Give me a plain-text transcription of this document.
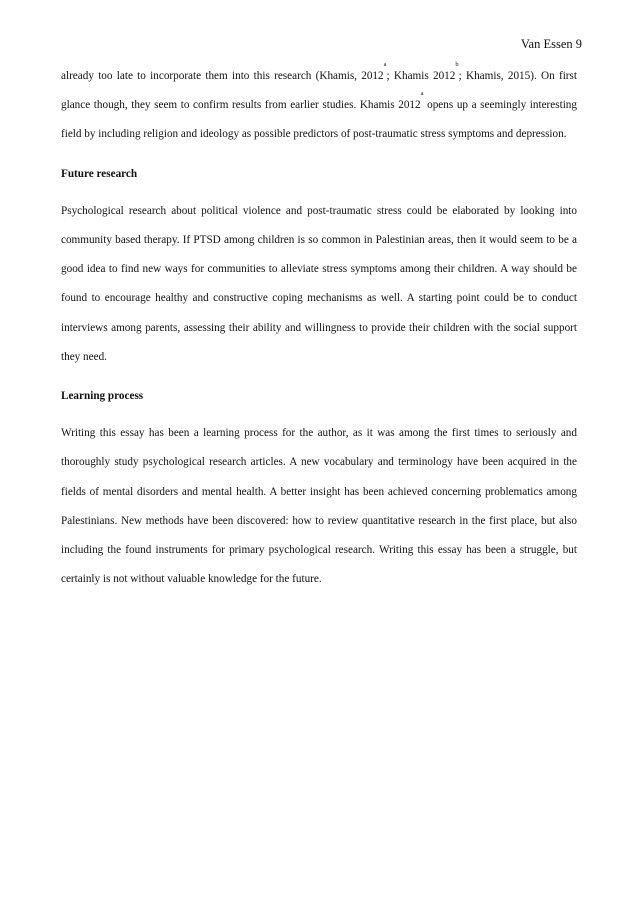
Van Essen 9

already too late to incorporate them into this research (Khamis, 2012$^a$; Khamis 2012$^b$; Khamis, 2015). On first glance though, they seem to confirm results from earlier studies. Khamis 2012$^a$ opens up a seemingly interesting field by including religion and ideology as possible predictors of post-traumatic stress symptoms and depression.

Future research

Psychological research about political violence and post-traumatic stress could be elaborated by looking into community based therapy. If PTSD among children is so common in Palestinian areas, then it would seem to be a good idea to find new ways for communities to alleviate stress symptoms among their children. A way should be found to encourage healthy and constructive coping mechanisms as well. A starting point could be to conduct interviews among parents, assessing their ability and willingness to provide their children with the social support they need.

Learning process

Writing this essay has been a learning process for the author, as it was among the first times to seriously and thoroughly study psychological research articles. A new vocabulary and terminology have been acquired in the fields of mental disorders and mental health. A better insight has been achieved concerning problematics among Palestinians. New methods have been discovered: how to review quantitative research in the first place, but also including the found instruments for primary psychological research. Writing this essay has been a struggle, but certainly is not without valuable knowledge for the future.
